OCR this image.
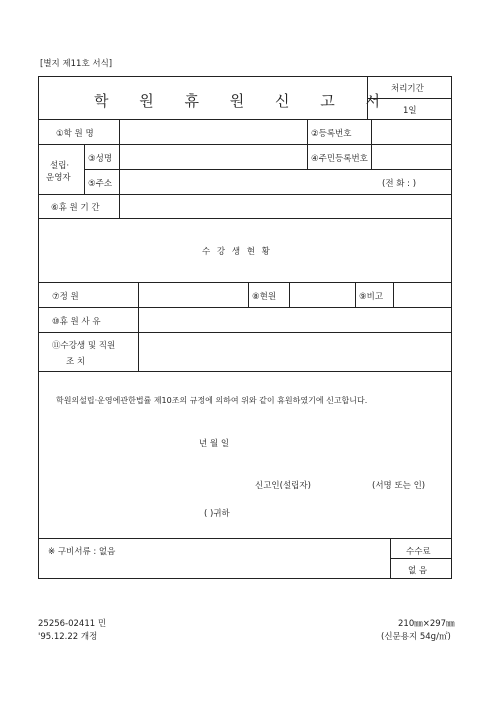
[별지 제11호 서식]
학 원 휴 원 신 고 서
처리기간
1일
①학 원 명	②등록번호
설립·
운영자
③성명	④주민등록번호
⑤주소	(전 화 : )
⑥휴 원 기 간
수 강 생 현 황
⑦정 원	⑧현원	⑨비고
⑩휴 원 사 유
⑪수강생 및 직원
조 치
학원의설립·운영에관한법률 제10조의 규정에 의하여 위와 같이 휴원하였기에 신고합니다.
년 월 일
신고인(설립자)	(서명 또는 인)
( )귀하
※ 구비서류 : 없음	수수료
없 음
25256-02411 민
'95.12.22 개정
210㎜×297㎜
(신문용지 54g/㎡)
